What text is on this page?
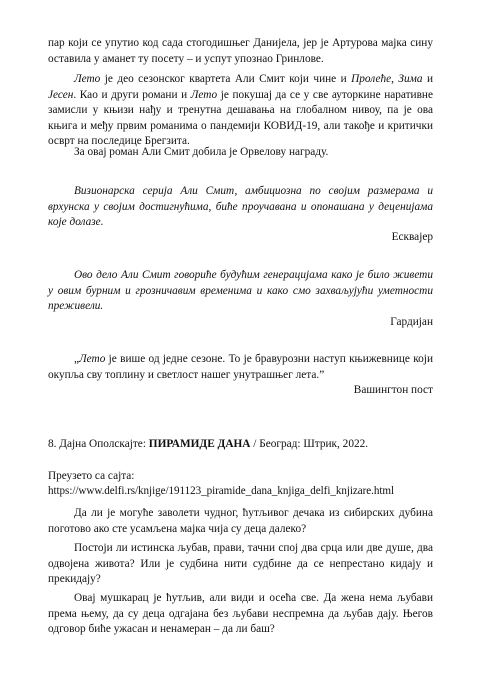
пар који се упутио код сада стогодишњег Данијела, јер је Артурова мајка сину оставила у аманет ту посету – и успут упознао Гринлове.

Лето је део сезонског квартета Али Смит који чине и Пролеће, Зима и Јесен. Као и други романи и Лето је покушај да се у све ауторкине наративне замисли у књизи нађу и тренутна дешавања на глобалном нивоу, па је ова књига и међу првим романима о пандемији КОВИД-19, али такође и критички осврт на последице Брегзита.

За овај роман Али Смит добила је Орвелову награду.

Визионарска серија Али Смит, амбициозна по својим размерама и врхунска у својим достигнућима, биће проучавана и опонашана у деценијама које долазе.

Есквајер

Ово дело Али Смит говориће будућим генерацијама како је било живети у овим бурним и грозничавим временима и како смо захваљујући уметности преживели.

Гардијан

„Лето је више од једне сезоне. То је бравурозни наступ књижевнице који окупља сву топлину и светлост нашег унутрашњег лета.”

Вашингтон пост

8. Дајна Ополскајте: ПИРАМИДЕ ДАНА / Београд: Штрик, 2022.

Преузето са сајта:

https://www.delfi.rs/knjige/191123_piramide_dana_knjiga_delfi_knjizare.html

Да ли је могуће заволети чудног, ћутљивог дечака из сибирских дубина поготово ако сте усамљена мајка чија су деца далеко?

Постоји ли истинска љубав, прави, тачни спој два срца или две душе, два одвојена живота? Или је судбина нити судбине да се непрестано кидају и прекидају?

Овај мушкарац је ћутљив, али види и осећа све. Да жена нема љубави према њему, да су деца одгајана без љубави неспремна да љубав дају. Његов одговор биће ужасан и ненамеран – да ли баш?
